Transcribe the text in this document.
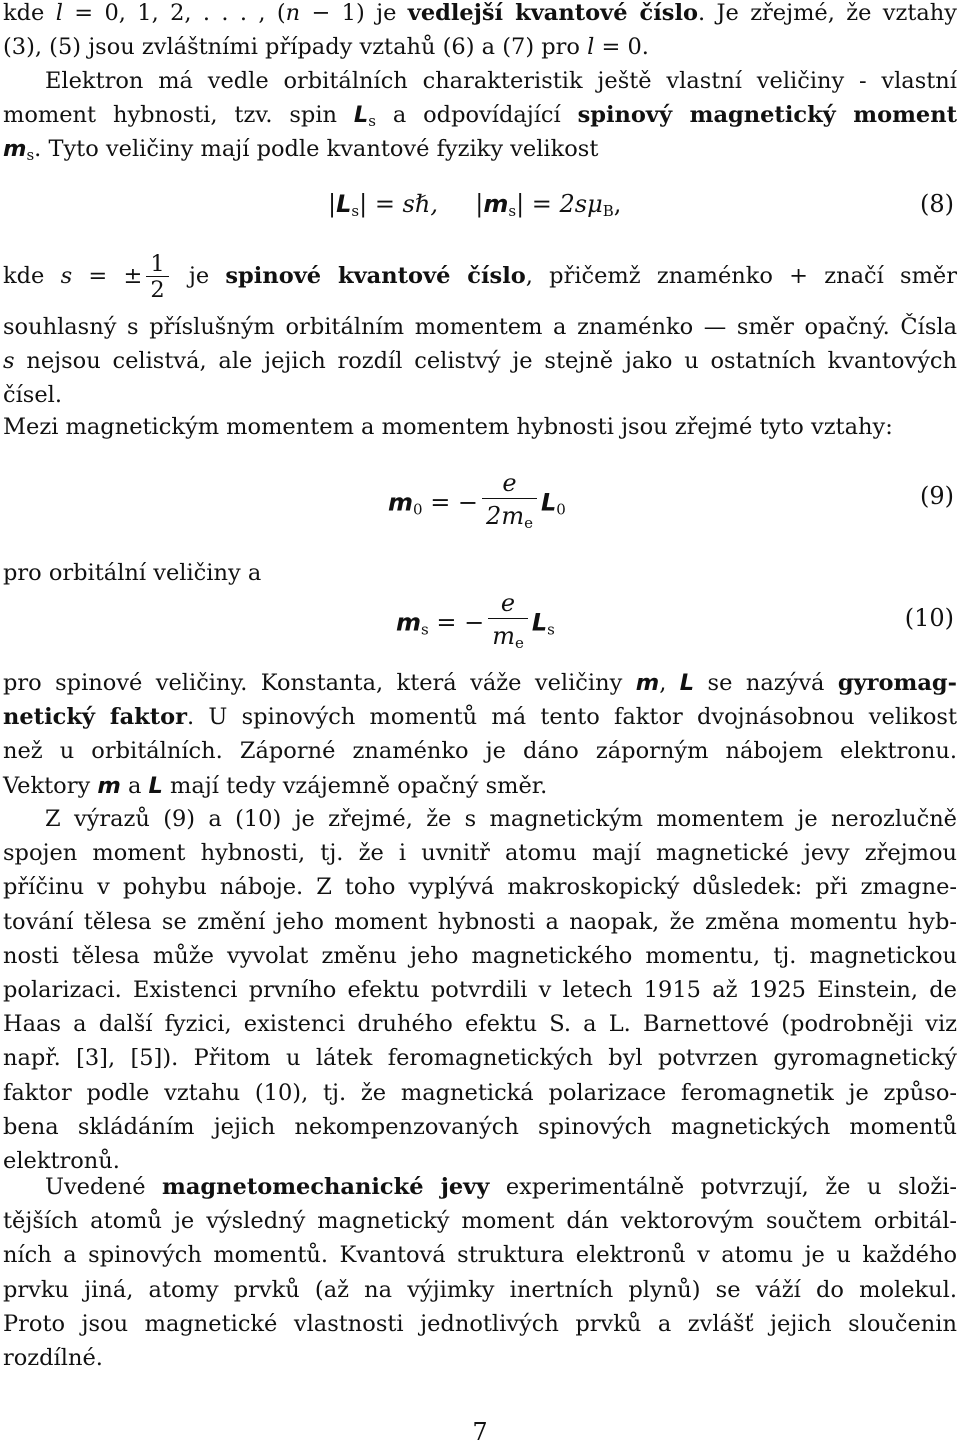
kde l = 0, 1, 2, . . . , (n − 1) je vedlejší kvantové číslo. Je zřejmé, že vztahy
(3), (5) jsou zvláštními případy vztahů (6) a (7) pro l = 0.
Elektron má vedle orbitálních charakteristik ještě vlastní veličiny - vlastní
moment hybnosti, tzv. spin $L_s$ a odpovídající spinový magnetický moment
$m_s$. Tyto veličiny mají podle kvantové fyziky velikost
$|L_s|$ = sℏ, $|m_s| = 2s\mu_B$,	(8)
kde s = ± $\frac{1}{2}$ je spinové kvantové číslo, přičemž znaménko + značí směr
souhlasný s příslušným orbitálním momentem a znaménko — směr opačný. Čísla
s nejsou celistvá, ale jejich rozdíl celistvý je stejně jako u ostatních kvantových
čísel.
Mezi magnetickým momentem a momentem hybnosti jsou zřejmé tyto vztahy:
$m_0$ = − $\frac{e}{2m_e} L_0$	(9)
pro orbitální veličiny a
$m_s$ = − $\frac{e}{m_e} L_s$	(10)
pro spinové veličiny. Konstanta, která váže veličiny m, L se nazývá gyromag-
netický faktor. U spinových momentů má tento faktor dvojnásobnou velikost
než u orbitálních. Záporné znaménko je dáno záporným nábojem elektronu.
Vektory m a L mají tedy vzájemně opačný směr.
Z výrazů (9) a (10) je zřejmé, že s magnetickým momentem je nerozlučně
spojen moment hybnosti, tj. že i uvnitř atomu mají magnetické jevy zřejmou
příčinu v pohybu náboje. Z toho vyplývá makroskopický důsledek: při zmagne-
tování tělesa se změní jeho moment hybnosti a naopak, že změna momentu hyb-
nosti tělesa může vyvolat změnu jeho magnetického momentu, tj. magnetickou
polarizaci. Existenci prvního efektu potvrdili v letech 1915 až 1925 Einstein, de
Haas a další fyzici, existenci druhého efektu S. a L. Barnettové (podrobněji viz
např. [3], [5]). Přitom u látek feromagnetických byl potvrzen gyromagnetický
faktor podle vztahu (10), tj. že magnetická polarizace feromagnetik je způso-
bena skládáním jejich nekompenzovaných spinových magnetických momentů
elektronů.
Uvedené magnetomechanické jevy experimentálně potvrzují, že u složi-
tějších atomů je výsledný magnetický moment dán vektorovým součtem orbitál-
ních a spinových momentů. Kvantová struktura elektronů v atomu je u každého
prvku jiná, atomy prvků (až na výjimky inertních plynů) se váží do molekul.
Proto jsou magnetické vlastnosti jednotlivých prvků a zvlášť jejich sloučenin
rozdílné.
7
